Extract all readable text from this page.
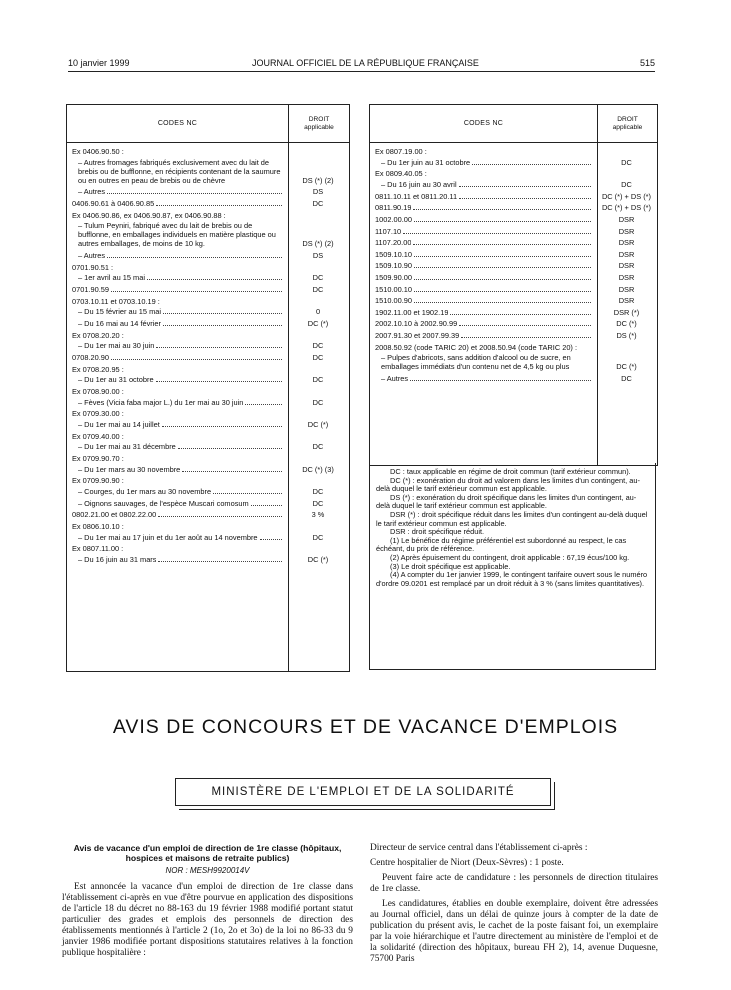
10 janvier 1999	JOURNAL OFFICIEL DE LA RÉPUBLIQUE FRANÇAISE	515
CODES NC
DROIT
applicable
Ex 0406.90.50 :
– Autres fromages fabriqués exclusivement avec du lait de brebis ou de bufflonne, en récipients contenant de la saumure ou en outres en peau de brebis ou de chèvre	DS (*) (2)
– Autres	DS
0406.90.61 à 0406.90.85	DC
Ex 0406.90.86, ex 0406.90.87, ex 0406.90.88 :
– Tulum Peyniri, fabriqué avec du lait de brebis ou de bufflonne, en emballages individuels en matière plastique ou autres emballages, de moins de 10 kg.	DS (*) (2)
– Autres	DS
0701.90.51 :
– 1er avril au 15 mai	DC
0701.90.59	DC
0703.10.11 et 0703.10.19 :
– Du 15 février au 15 mai	0
– Du 16 mai au 14 février	DC (*)
Ex 0708.20.20 :
– Du 1er mai au 30 juin	DC
0708.20.90	DC
Ex 0708.20.95 :
– Du 1er au 31 octobre	DC
Ex 0708.90.00 :
– Fèves (Vicia faba major L.) du 1er mai au 30 juin	DC
Ex 0709.30.00 :
– Du 1er mai au 14 juillet	DC (*)
Ex 0709.40.00 :
– Du 1er mai au 31 décembre	DC
Ex 0709.90.70 :
– Du 1er mars au 30 novembre	DC (*) (3)
Ex 0709.90.90 :
– Courges, du 1er mars au 30 novembre	DC
– Oignons sauvages, de l'espèce Muscari comosum	DC
0802.21.00 et 0802.22.00	3 %
Ex 0806.10.10 :
– Du 1er mai au 17 juin et du 1er août au 14 novembre	DC
Ex 0807.11.00 :
– Du 16 juin au 31 mars	DC (*)
CODES NC
DROIT
applicable
Ex 0807.19.00 :
– Du 1er juin au 31 octobre	DC
Ex 0809.40.05 :
– Du 16 juin au 30 avril	DC
0811.10.11 et 0811.20.11	DC (*) + DS (*)
0811.90.19	DC (*) + DS (*)
1002.00.00	DSR
1107.10	DSR
1107.20.00	DSR
1509.10.10	DSR
1509.10.90	DSR
1509.90.00	DSR
1510.00.10	DSR
1510.00.90	DSR
1902.11.00 et 1902.19	DSR (*)
2002.10.10 à 2002.90.99	DC (*)
2007.91.30 et 2007.99.39	DS (*)
2008.50.92 (code TARIC 20) et 2008.50.94 (code TARIC 20) :
– Pulpes d'abricots, sans addition d'alcool ou de sucre, en emballages immédiats d'un contenu net de 4,5 kg ou plus	DC (*)
– Autres	DC

DC : taux applicable en régime de droit commun (tarif extérieur commun).

DC (*) : exonération du droit ad valorem dans les limites d'un contingent, au-delà duquel le tarif extérieur commun est applicable.

DS (*) : exonération du droit spécifique dans les limites d'un contingent, au-delà duquel le tarif extérieur commun est applicable.

DSR (*) : droit spécifique réduit dans les limites d'un contingent au-delà duquel le tarif extérieur commun est applicable.

DSR : droit spécifique réduit.

(1) Le bénéfice du régime préférentiel est subordonné au respect, le cas échéant, du prix de référence.

(2) Après épuisement du contingent, droit applicable : 67,19 écus/100 kg.

(3) Le droit spécifique est applicable.

(4) A compter du 1er janvier 1999, le contingent tarifaire ouvert sous le numéro d'ordre 09.0201 est remplacé par un droit réduit à 3 % (sans limites quantitatives).

AVIS DE CONCOURS ET DE VACANCE D'EMPLOIS
MINISTÈRE DE L'EMPLOI ET DE LA SOLIDARITÉ
Avis de vacance d'un emploi de direction de 1re classe (hôpitaux, hospices et maisons de retraite publics)
NOR : MESH9920014V

Est annoncée la vacance d'un emploi de direction de 1re classe dans l'établissement ci-après en vue d'être pourvue en application des dispositions de l'article 18 du décret no 88-163 du 19 février 1988 modifié portant statut particulier des grades et emplois des personnels de direction des établissements mentionnés à l'article 2 (1o, 2o et 3o) de la loi no 86-33 du 9 janvier 1986 modifiée portant dispositions statutaires relatives à la fonction publique hospitalière :

Directeur de service central dans l'établissement ci-après :

Centre hospitalier de Niort (Deux-Sèvres) : 1 poste.

Peuvent faire acte de candidature : les personnels de direction titulaires de 1re classe.

Les candidatures, établies en double exemplaire, doivent être adressées au Journal officiel, dans un délai de quinze jours à compter de la date de publication du présent avis, le cachet de la poste faisant foi, un exemplaire par la voie hiérarchique et l'autre directement au ministère de l'emploi et de la solidarité (direction des hôpitaux, bureau FH 2), 14, avenue Duquesne, 75700 Paris
